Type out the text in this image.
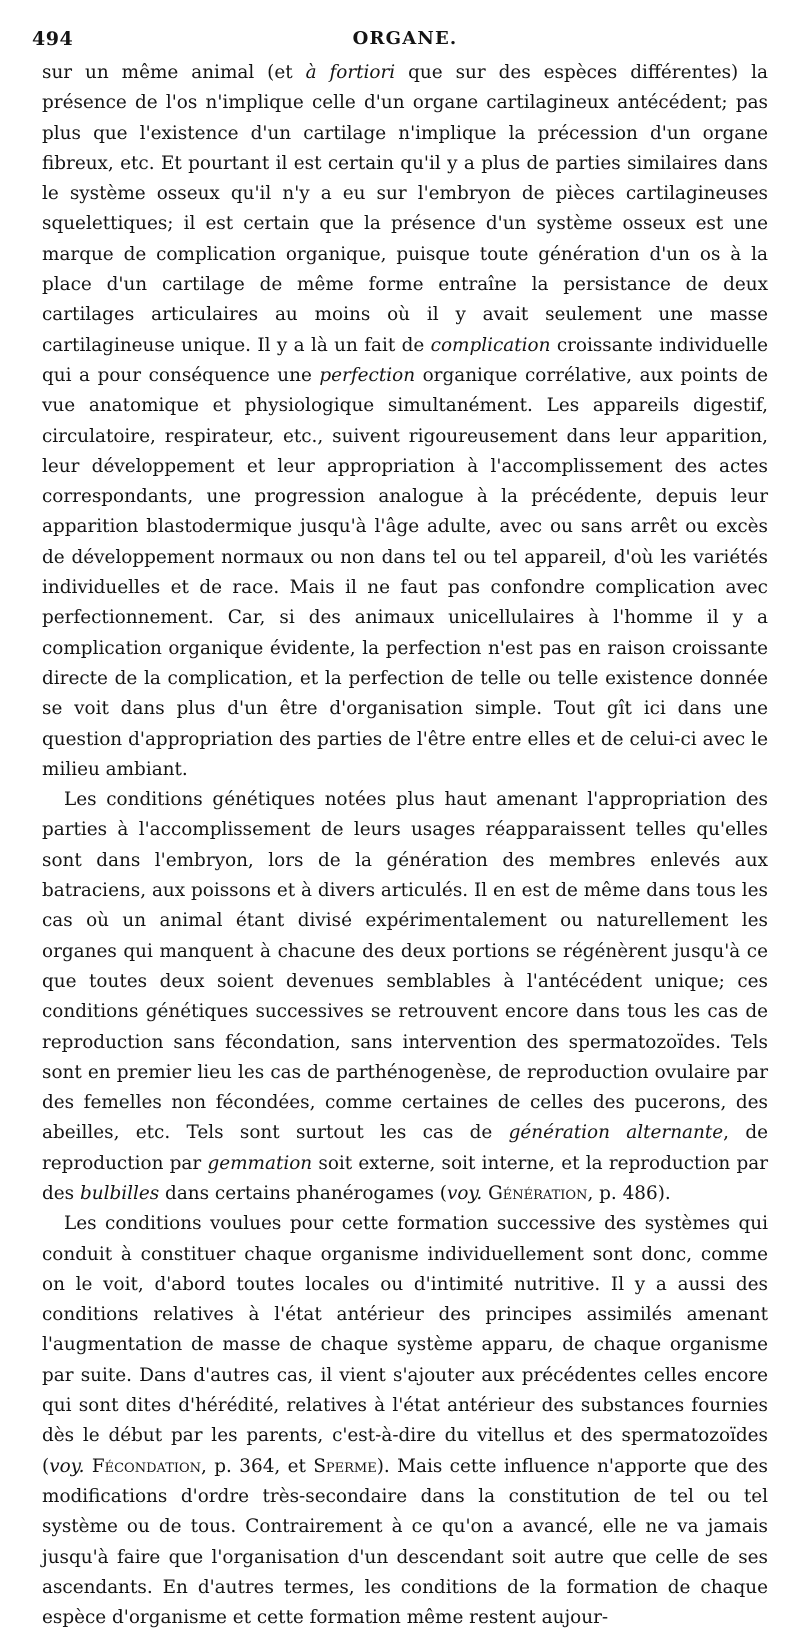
494	ORGANE.

sur un même animal (et à fortiori que sur des espèces différentes) la présence de l'os n'implique celle d'un organe cartilagineux antécédent; pas plus que l'existence d'un cartilage n'implique la précession d'un organe fibreux, etc. Et pourtant il est certain qu'il y a plus de parties similaires dans le système osseux qu'il n'y a eu sur l'embryon de pièces cartilagineuses squelettiques; il est certain que la présence d'un système osseux est une marque de complication organique, puisque toute génération d'un os à la place d'un cartilage de même forme entraîne la persistance de deux cartilages articulaires au moins où il y avait seulement une masse cartilagineuse unique. Il y a là un fait de complication croissante individuelle qui a pour conséquence une perfection organique corrélative, aux points de vue anatomique et physiologique simultanément. Les appareils digestif, circulatoire, respirateur, etc., suivent rigoureusement dans leur apparition, leur développement et leur appropriation à l'accomplissement des actes correspondants, une progression analogue à la précédente, depuis leur apparition blastodermique jusqu'à l'âge adulte, avec ou sans arrêt ou excès de développement normaux ou non dans tel ou tel appareil, d'où les variétés individuelles et de race. Mais il ne faut pas confondre complication avec perfectionnement. Car, si des animaux unicellulaires à l'homme il y a complication organique évidente, la perfection n'est pas en raison croissante directe de la complication, et la perfection de telle ou telle existence donnée se voit dans plus d'un être d'organisation simple. Tout gît ici dans une question d'appropriation des parties de l'être entre elles et de celui-ci avec le milieu ambiant.

Les conditions génétiques notées plus haut amenant l'appropriation des parties à l'accomplissement de leurs usages réapparaissent telles qu'elles sont dans l'embryon, lors de la génération des membres enlevés aux batraciens, aux poissons et à divers articulés. Il en est de même dans tous les cas où un animal étant divisé expérimentalement ou naturellement les organes qui manquent à chacune des deux portions se régénèrent jusqu'à ce que toutes deux soient devenues semblables à l'antécédent unique; ces conditions génétiques successives se retrouvent encore dans tous les cas de reproduction sans fécondation, sans intervention des spermatozoïdes. Tels sont en premier lieu les cas de parthénogenèse, de reproduction ovulaire par des femelles non fécondées, comme certaines de celles des pucerons, des abeilles, etc. Tels sont surtout les cas de génération alternante, de reproduction par gemmation soit externe, soit interne, et la reproduction par des bulbilles dans certains phanérogames (voy. Génération, p. 486).

Les conditions voulues pour cette formation successive des systèmes qui conduit à constituer chaque organisme individuellement sont donc, comme on le voit, d'abord toutes locales ou d'intimité nutritive. Il y a aussi des conditions relatives à l'état antérieur des principes assimilés amenant l'augmentation de masse de chaque système apparu, de chaque organisme par suite. Dans d'autres cas, il vient s'ajouter aux précédentes celles encore qui sont dites d'hérédité, relatives à l'état antérieur des substances fournies dès le début par les parents, c'est-à-dire du vitellus et des spermatozoïdes (voy. Fécondation, p. 364, et Sperme). Mais cette influence n'apporte que des modifications d'ordre très-secondaire dans la constitution de tel ou tel système ou de tous. Contrairement à ce qu'on a avancé, elle ne va jamais jusqu'à faire que l'organisation d'un descendant soit autre que celle de ses ascendants. En d'autres termes, les conditions de la formation de chaque espèce d'organisme et cette formation même restent aujour-
